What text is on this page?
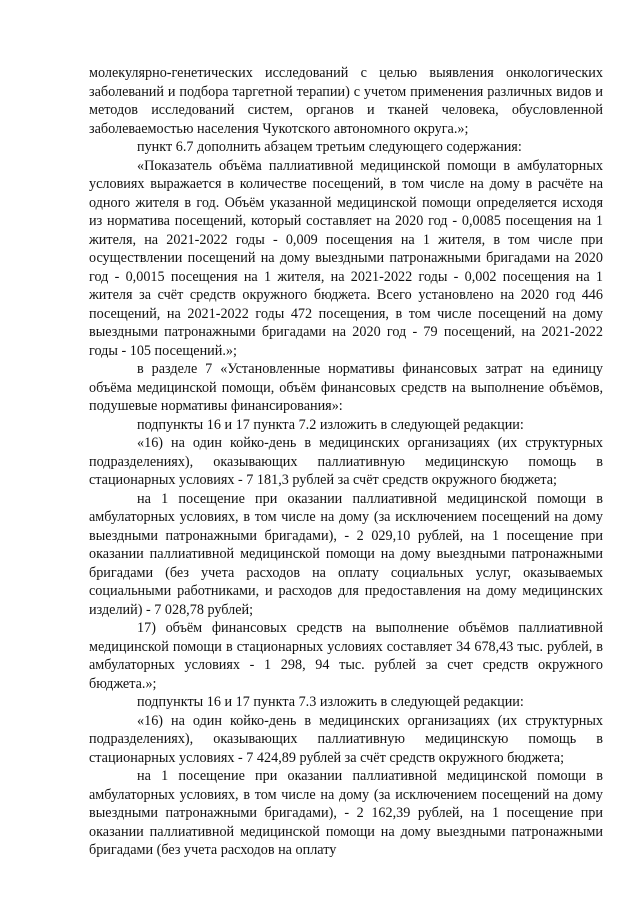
молекулярно-генетических исследований с целью выявления онкологических заболеваний и подбора таргетной терапии) с учетом применения различных видов и методов исследований систем, органов и тканей человека, обусловленной заболеваемостью населения Чукотского автономного округа.»;

пункт 6.7 дополнить абзацем третьим следующего содержания:

«Показатель объёма паллиативной медицинской помощи в амбулаторных условиях выражается в количестве посещений, в том числе на дому в расчёте на одного жителя в год. Объём указанной медицинской помощи определяется исходя из норматива посещений, который составляет на 2020 год - 0,0085 посещения на 1 жителя, на 2021-2022 годы - 0,009 посещения на 1 жителя, в том числе при осуществлении посещений на дому выездными патронажными бригадами на 2020 год - 0,0015 посещения на 1 жителя, на 2021-2022 годы - 0,002 посещения на 1 жителя за счёт средств окружного бюджета. Всего установлено на 2020 год 446 посещений, на 2021-2022 годы 472 посещения, в том числе посещений на дому выездными патронажными бригадами на 2020 год - 79 посещений, на 2021-2022 годы - 105 посещений.»;

в разделе 7 «Установленные нормативы финансовых затрат на единицу объёма медицинской помощи, объём финансовых средств на выполнение объёмов, подушевые нормативы финансирования»:

подпункты 16 и 17 пункта 7.2 изложить в следующей редакции:

«16) на один койко-день в медицинских организациях (их структурных подразделениях), оказывающих паллиативную медицинскую помощь в стационарных условиях - 7 181,3 рублей за счёт средств окружного бюджета;

на 1 посещение при оказании паллиативной медицинской помощи в амбулаторных условиях, в том числе на дому (за исключением посещений на дому выездными патронажными бригадами), - 2 029,10 рублей, на 1 посещение при оказании паллиативной медицинской помощи на дому выездными патронажными бригадами (без учета расходов на оплату социальных услуг, оказываемых социальными работниками, и расходов для предоставления на дому медицинских изделий) - 7 028,78 рублей;

17) объём финансовых средств на выполнение объёмов паллиативной медицинской помощи в стационарных условиях составляет 34 678,43 тыс. рублей, в амбулаторных условиях - 1 298, 94 тыс. рублей за счет средств окружного бюджета.»;

подпункты 16 и 17 пункта 7.3 изложить в следующей редакции:

«16) на один койко-день в медицинских организациях (их структурных подразделениях), оказывающих паллиативную медицинскую помощь в стационарных условиях - 7 424,89 рублей за счёт средств окружного бюджета;

на 1 посещение при оказании паллиативной медицинской помощи в амбулаторных условиях, в том числе на дому (за исключением посещений на дому выездными патронажными бригадами), - 2 162,39 рублей, на 1 посещение при оказании паллиативной медицинской помощи на дому выездными патронажными бригадами (без учета расходов на оплату
